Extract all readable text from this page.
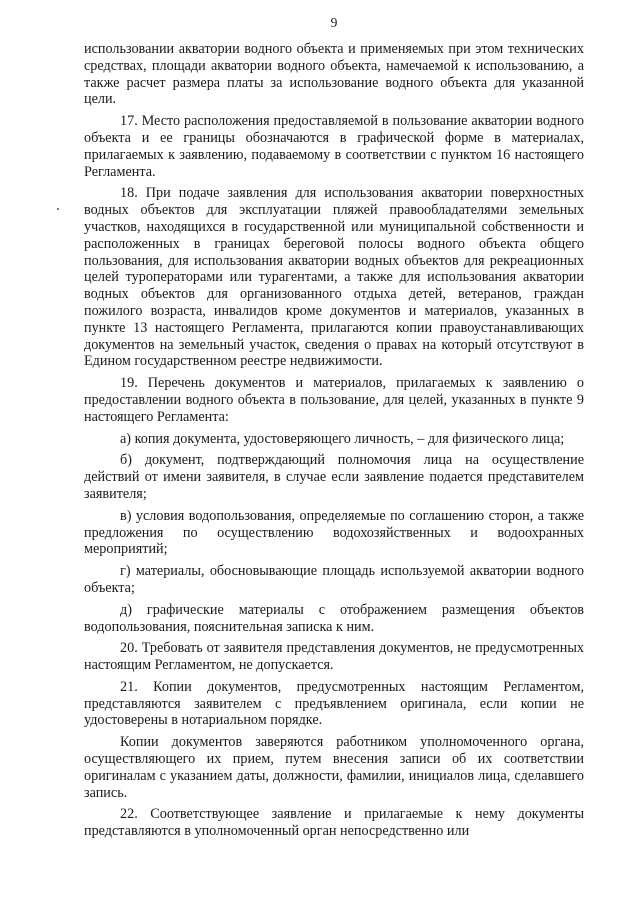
9

использовании акватории водного объекта и применяемых при этом технических средствах, площади акватории водного объекта, намечаемой к использованию, а также расчет размера платы за использование водного объекта для указанной цели.

17. Место расположения предоставляемой в пользование акватории водного объекта и ее границы обозначаются в графической форме в материалах, прилагаемых к заявлению, подаваемому в соответствии с пунктом 16 настоящего Регламента.

18. При подаче заявления для использования акватории поверхностных водных объектов для эксплуатации пляжей правообладателями земельных участков, находящихся в государственной или муниципальной собственности и расположенных в границах береговой полосы водного объекта общего пользования, для использования акватории водных объектов для рекреационных целей туроператорами или турагентами, а также для использования акватории водных объектов для организованного отдыха детей, ветеранов, граждан пожилого возраста, инвалидов кроме документов и материалов, указанных в пункте 13 настоящего Регламента, прилагаются копии правоустанавливающих документов на земельный участок, сведения о правах на который отсутствуют в Едином государственном реестре недвижимости.

19. Перечень документов и материалов, прилагаемых к заявлению о предоставлении водного объекта в пользование, для целей, указанных в пункте 9 настоящего Регламента:

а) копия документа, удостоверяющего личность, – для физического лица;

б) документ, подтверждающий полномочия лица на осуществление действий от имени заявителя, в случае если заявление подается представителем заявителя;

в) условия водопользования, определяемые по соглашению сторон, а также предложения по осуществлению водохозяйственных и водоохранных мероприятий;

г) материалы, обосновывающие площадь используемой акватории водного объекта;

д) графические материалы с отображением размещения объектов водопользования, пояснительная записка к ним.

20. Требовать от заявителя представления документов, не предусмотренных настоящим Регламентом, не допускается.

21. Копии документов, предусмотренных настоящим Регламентом, представляются заявителем с предъявлением оригинала, если копии не удостоверены в нотариальном порядке.

Копии документов заверяются работником уполномоченного органа, осуществляющего их прием, путем внесения записи об их соответствии оригиналам с указанием даты, должности, фамилии, инициалов лица, сделавшего запись.

22. Соответствующее заявление и прилагаемые к нему документы представляются в уполномоченный орган непосредственно или
